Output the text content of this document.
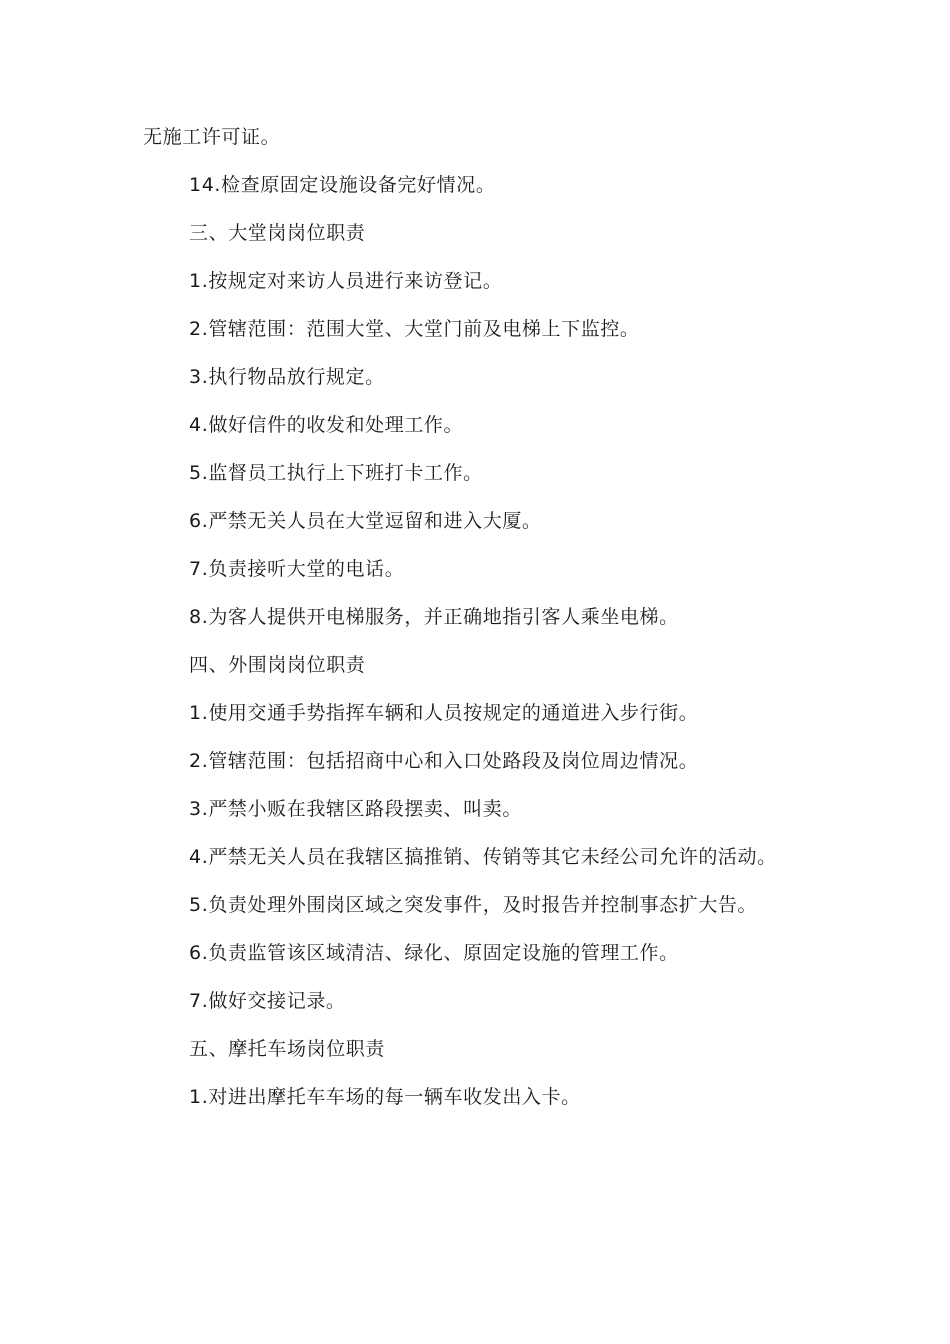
无施工许可证。

14.检查原固定设施设备完好情况。

三、大堂岗岗位职责

1.按规定对来访人员进行来访登记。

2.管辖范围：范围大堂、大堂门前及电梯上下监控。

3.执行物品放行规定。

4.做好信件的收发和处理工作。

5.监督员工执行上下班打卡工作。

6.严禁无关人员在大堂逗留和进入大厦。

7.负责接听大堂的电话。

8.为客人提供开电梯服务，并正确地指引客人乘坐电梯。

四、外围岗岗位职责

1.使用交通手势指挥车辆和人员按规定的通道进入步行街。

2.管辖范围：包括招商中心和入口处路段及岗位周边情况。

3.严禁小贩在我辖区路段摆卖、叫卖。

4.严禁无关人员在我辖区搞推销、传销等其它未经公司允许的活动。

5.负责处理外围岗区域之突发事件，及时报告并控制事态扩大告。

6.负责监管该区域清洁、绿化、原固定设施的管理工作。

7.做好交接记录。

五、摩托车场岗位职责

1.对进出摩托车车场的每一辆车收发出入卡。
